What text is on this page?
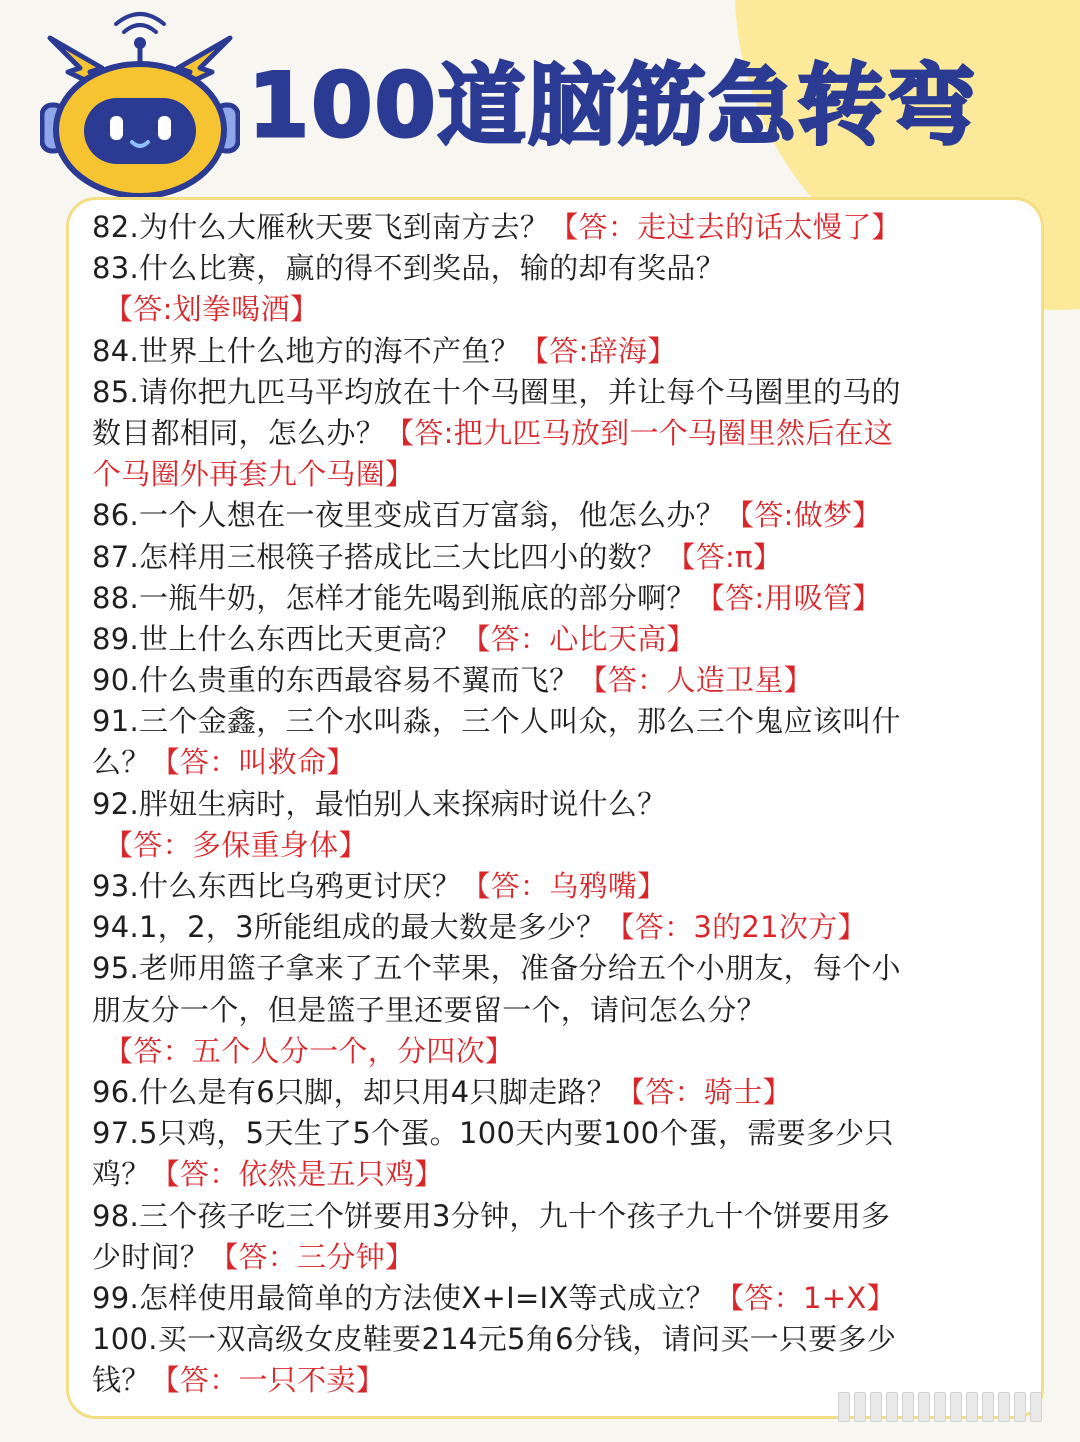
100道脑筋急转弯
82.为什么大雁秋天要飞到南方去？【答：走过去的话太慢了】
83.什么比赛，赢的得不到奖品，输的却有奖品？
【答:划拳喝酒】
84.世界上什么地方的海不产鱼？【答:辞海】
85.请你把九匹马平均放在十个马圈里，并让每个马圈里的马的
数目都相同，怎么办？【答:把九匹马放到一个马圈里然后在这
个马圈外再套九个马圈】
86.一个人想在一夜里变成百万富翁，他怎么办？【答:做梦】
87.怎样用三根筷子搭成比三大比四小的数？【答:π】
88.一瓶牛奶，怎样才能先喝到瓶底的部分啊？【答:用吸管】
89.世上什么东西比天更高？【答：心比天高】
90.什么贵重的东西最容易不翼而飞？【答：人造卫星】
91.三个金鑫，三个水叫淼，三个人叫众，那么三个鬼应该叫什
么？【答：叫救命】
92.胖妞生病时，最怕别人来探病时说什么？
【答：多保重身体】
93.什么东西比乌鸦更讨厌？【答：乌鸦嘴】
94.1，2，3所能组成的最大数是多少？【答：3的21次方】
95.老师用篮子拿来了五个苹果，准备分给五个小朋友，每个小
朋友分一个，但是篮子里还要留一个，请问怎么分？
【答：五个人分一个，分四次】
96.什么是有6只脚，却只用4只脚走路？【答：骑士】
97.5只鸡，5天生了5个蛋。100天内要100个蛋，需要多少只
鸡？【答：依然是五只鸡】
98.三个孩子吃三个饼要用3分钟，九十个孩子九十个饼要用多
少时间？【答：三分钟】
99.怎样使用最简单的方法使X+I=IX等式成立？【答：1+X】
100.买一双高级女皮鞋要214元5角6分钱，请问买一只要多少
钱？【答：一只不卖】
